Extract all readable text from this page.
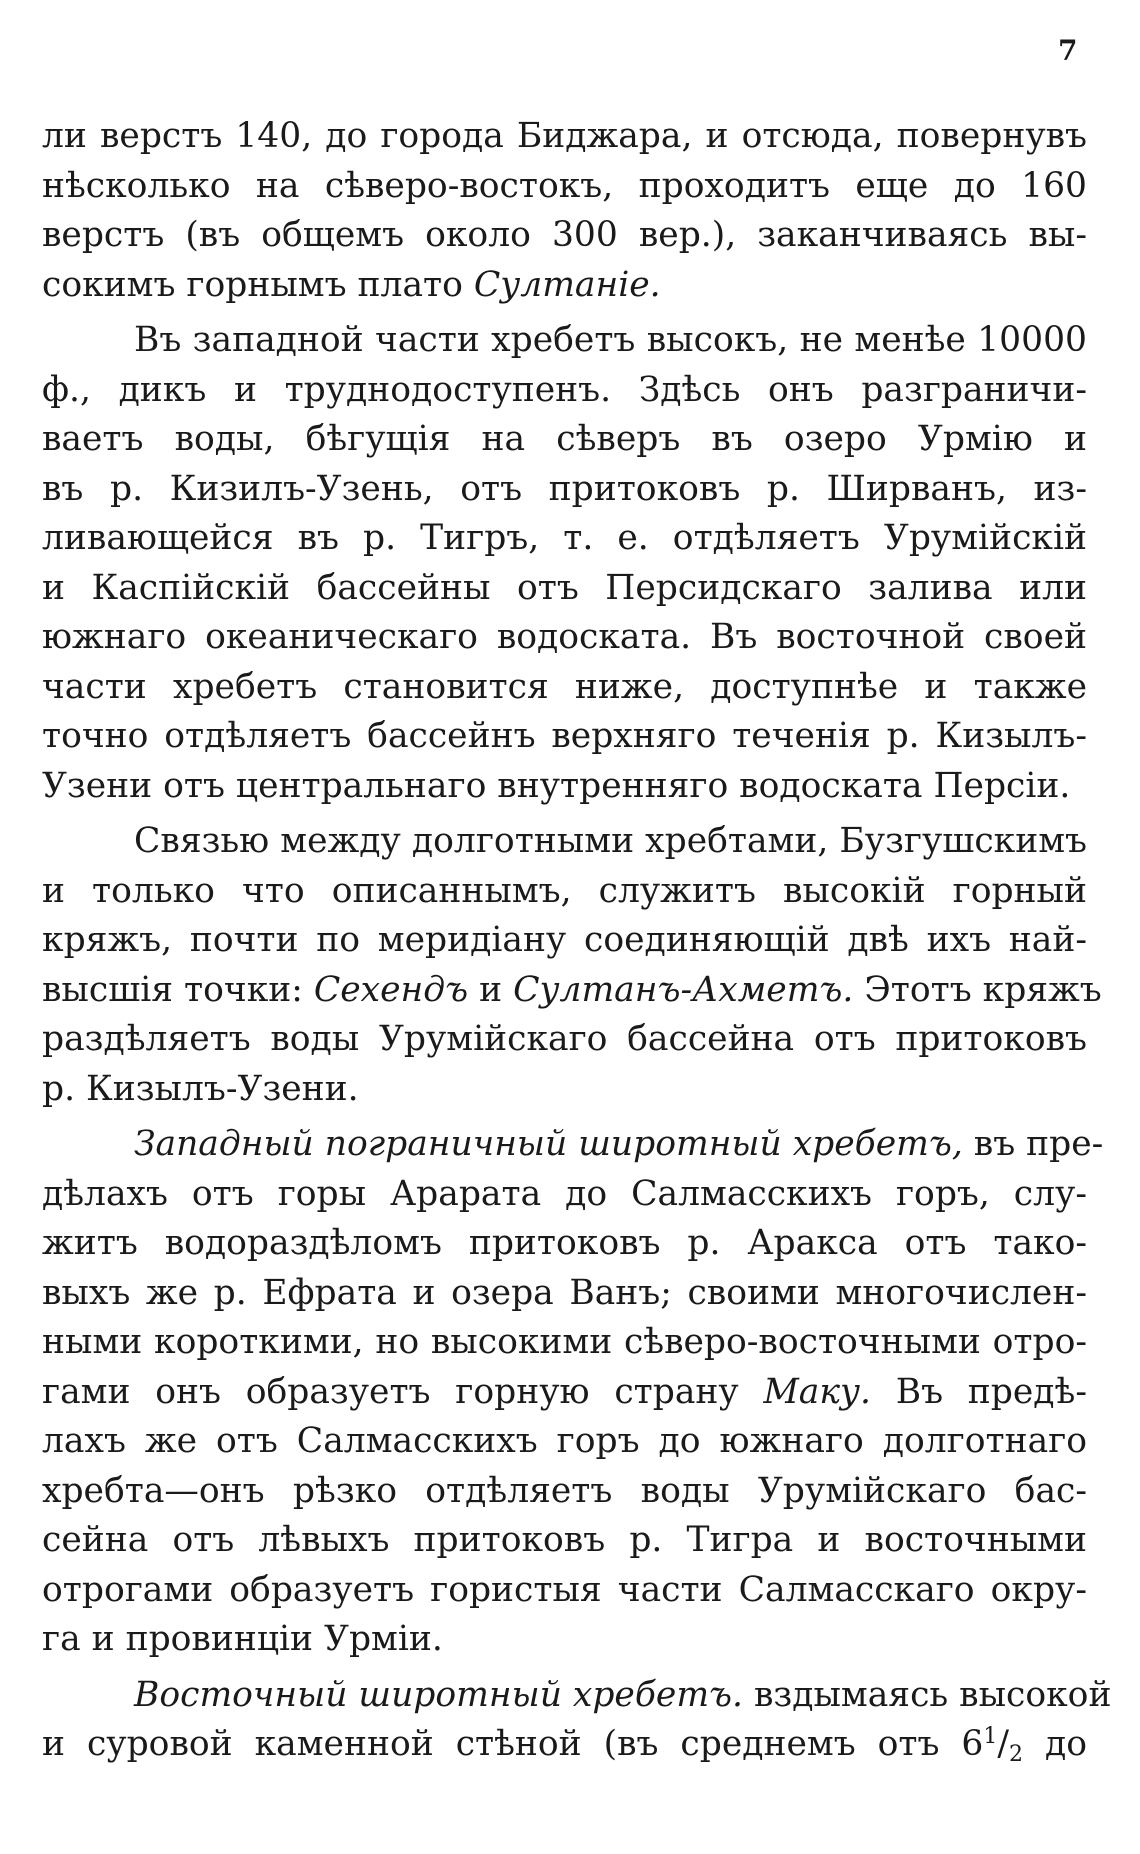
7
ли верстъ 140, до города Биджара, и отсюда, повернувъ
нѣсколько на сѣверо-востокъ, проходитъ еще до 160
верстъ (въ общемъ около 300 вер.), заканчиваясь вы-
сокимъ горнымъ плато Султаніе.
Въ западной части хребетъ высокъ, не менѣе 10000
ф., дикъ и труднодоступенъ. Здѣсь онъ разграничи-
ваетъ воды, бѣгущія на сѣверъ въ озеро Урмію и
въ р. Кизилъ-Узень, отъ притоковъ р. Ширванъ, из-
ливающейся въ р. Тигръ, т. е. отдѣляетъ Урумійскій
и Каспійскій бассейны отъ Персидскаго залива или
южнаго океаническаго водоската. Въ восточной своей
части хребетъ становится ниже, доступнѣе и также
точно отдѣляетъ бассейнъ верхняго теченія р. Кизылъ-
Узени отъ центральнаго внутренняго водоската Персіи.
Связью между долготными хребтами, Бузгушскимъ
и только что описаннымъ, служитъ высокій горный
кряжъ, почти по меридіану соединяющій двѣ ихъ най-
высшія точки: Сехендъ и Султанъ-Ахметъ. Этотъ кряжъ
раздѣляетъ воды Урумійскаго бассейна отъ притоковъ
р. Кизылъ-Узени.
Западный пограничный широтный хребетъ, въ пре-
дѣлахъ отъ горы Арарата до Салмасскихъ горъ, слу-
житъ водораздѣломъ притоковъ р. Аракса отъ тако-
выхъ же р. Ефрата и озера Ванъ; своими многочислен-
ными короткими, но высокими сѣверо-восточными отро-
гами онъ образуетъ горную страну Маку. Въ предѣ-
лахъ же отъ Салмасскихъ горъ до южнаго долготнаго
хребта—онъ рѣзко отдѣляетъ воды Урумійскаго бас-
сейна отъ лѣвыхъ притоковъ р. Тигра и восточными
отрогами образуетъ гористыя части Салмасскаго окру-
га и провинціи Урміи.
Восточный широтный хребетъ. вздымаясь высокой
и суровой каменной стѣной (въ среднемъ отъ $6^1/_2$ до
